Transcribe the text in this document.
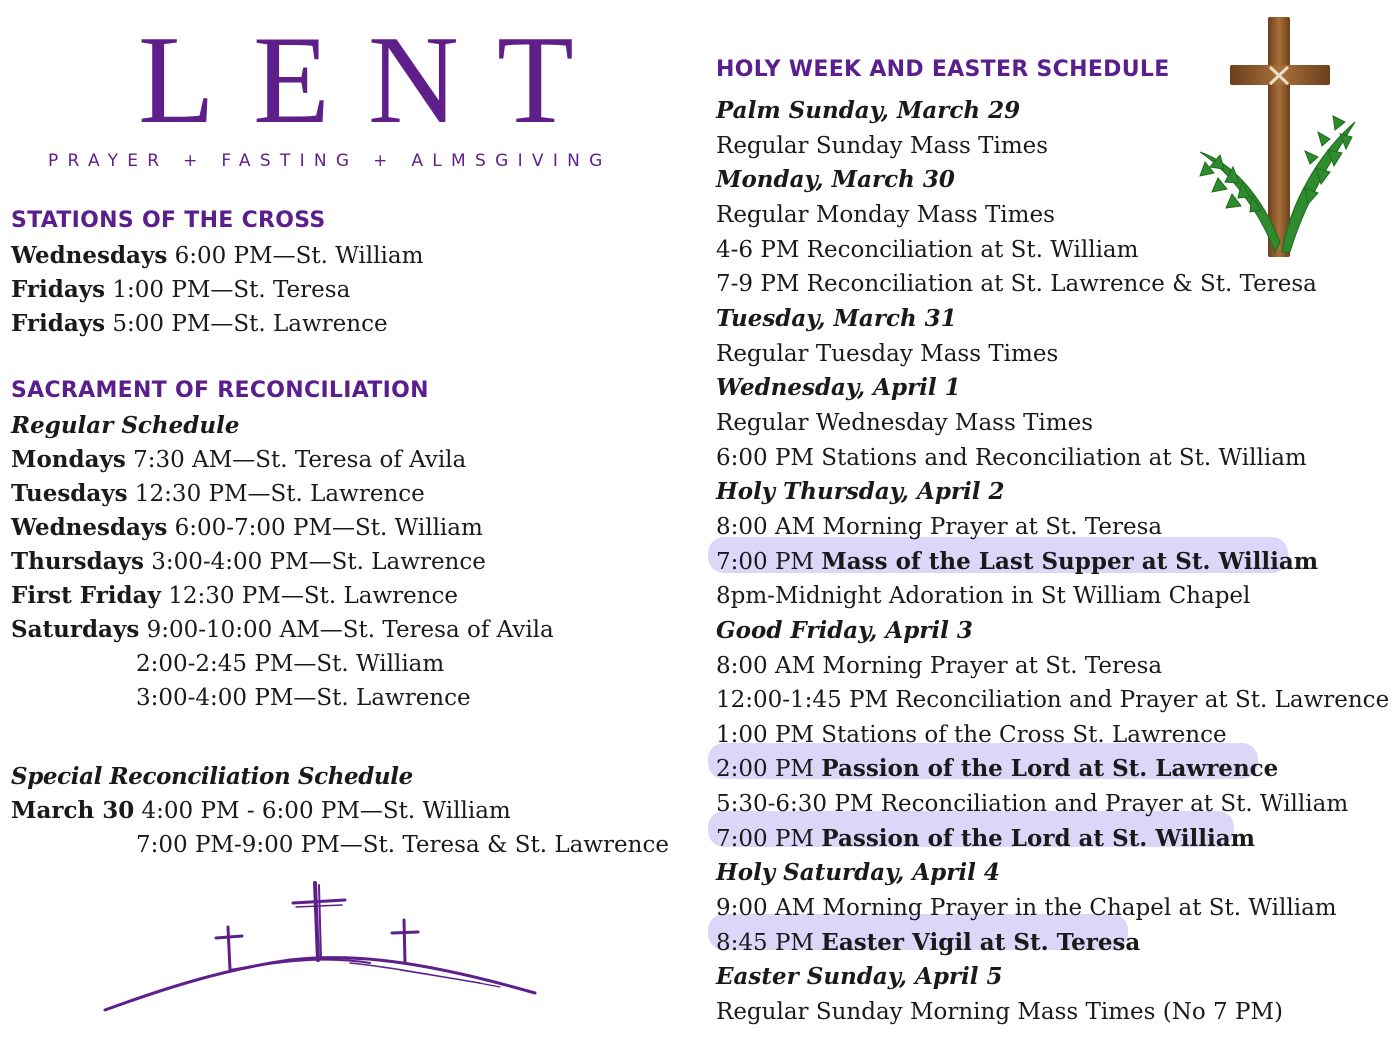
LENT
PRAYER + FASTING + ALMSGIVING
STATIONS OF THE CROSS
Wednesdays 6:00 PM—St. William
Fridays 1:00 PM—St. Teresa
Fridays 5:00 PM—St. Lawrence
SACRAMENT OF RECONCILIATION
Regular Schedule
Mondays 7:30 AM—St. Teresa of Avila
Tuesdays 12:30 PM—St. Lawrence
Wednesdays 6:00-7:00 PM—St. William
Thursdays 3:00-4:00 PM—St. Lawrence
First Friday 12:30 PM—St. Lawrence
Saturdays 9:00-10:00 AM—St. Teresa of Avila
2:00-2:45 PM—St. William
3:00-4:00 PM—St. Lawrence
Special Reconciliation Schedule
March 30 4:00 PM - 6:00 PM—St. William
7:00 PM-9:00 PM—St. Teresa & St. Lawrence
HOLY WEEK AND EASTER SCHEDULE
Palm Sunday, March 29
Regular Sunday Mass Times
Monday, March 30
Regular Monday Mass Times
4-6 PM Reconciliation at St. William
7-9 PM Reconciliation at St. Lawrence & St. Teresa
Tuesday, March 31
Regular Tuesday Mass Times
Wednesday, April 1
Regular Wednesday Mass Times
6:00 PM Stations and Reconciliation at St. William
Holy Thursday, April 2
8:00 AM Morning Prayer at St. Teresa
7:00 PM Mass of the Last Supper at St. William
8pm-Midnight Adoration in St William Chapel
Good Friday, April 3
8:00 AM Morning Prayer at St. Teresa
12:00-1:45 PM Reconciliation and Prayer at St. Lawrence
1:00 PM Stations of the Cross St. Lawrence
2:00 PM Passion of the Lord at St. Lawrence
5:30-6:30 PM Reconciliation and Prayer at St. William
7:00 PM Passion of the Lord at St. William
Holy Saturday, April 4
9:00 AM Morning Prayer in the Chapel at St. William
8:45 PM Easter Vigil at St. Teresa
Easter Sunday, April 5
Regular Sunday Morning Mass Times (No 7 PM)
